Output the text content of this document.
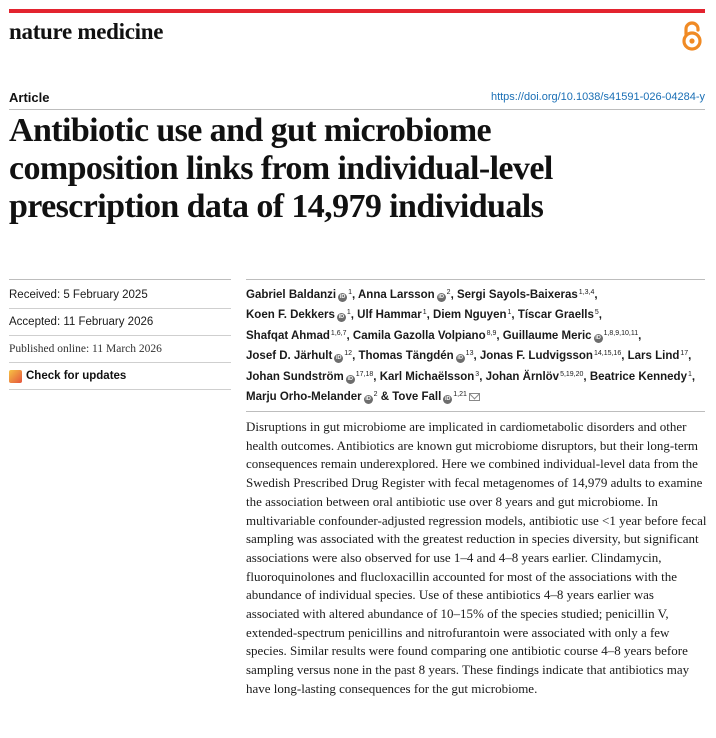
nature medicine
Article	https://doi.org/10.1038/s41591-026-04284-y
Antibiotic use and gut microbiome
composition links from individual-level
prescription data of 14,979 individuals
Received: 5 February 2025
Accepted: 11 February 2026
Published online: 11 March 2026
Check for updates

Gabriel Baldanzi $iD^1$, Anna Larsson $iD^2$, Sergi Sayols-Baixeras$^{1,3,4}$, Koen F. Dekkers $iD^1$, Ulf Hammar$^1$, Diem Nguyen$^1$, Tíscar Graells$^5$, Shafqat Ahmad$^{1,6,7}$, Camila Gazolla Volpiano$^{8,9}$, Guillaume Meric iD$^{1,8,9,10,11}$, Josef D. Järhult $iD^{12}$, Thomas Tängdén $iD^{13}$, Jonas F. Ludvigsson$^{14,15,16}$, Lars Lind$^{17}$, Johan Sundström iD$^{17,18}$, Karl Michaëlsson$^3$, Johan Ärnlöv$^{5,19,20}$, Beatrice Kennedy$^1$, Marju Orho-Melander $iD^2$ & Tove Fall iD$^{1,21}$

Disruptions in gut microbiome are implicated in cardiometabolic disorders and other health outcomes. Antibiotics are known gut microbiome disruptors, but their long-term consequences remain underexplored. Here we combined individual-level data from the Swedish Prescribed Drug Register with fecal metagenomes of 14,979 adults to examine the association between oral antibiotic use over 8 years and gut microbiome. In multivariable confounder-adjusted regression models, antibiotic use <1 year before fecal sampling was associated with the greatest reduction in species diversity, but significant associations were also observed for use 1–4 and 4–8 years earlier. Clindamycin, fluoroquinolones and flucloxacillin accounted for most of the associations with the abundance of individual species. Use of these antibiotics 4–8 years earlier was associated with altered abundance of 10–15% of the species studied; penicillin V, extended-spectrum penicillins and nitrofurantoin were associated with only a few species. Similar results were found comparing one antibiotic course 4–8 years before sampling versus none in the past 8 years. These findings indicate that antibiotics may have long-lasting consequences for the gut microbiome.
